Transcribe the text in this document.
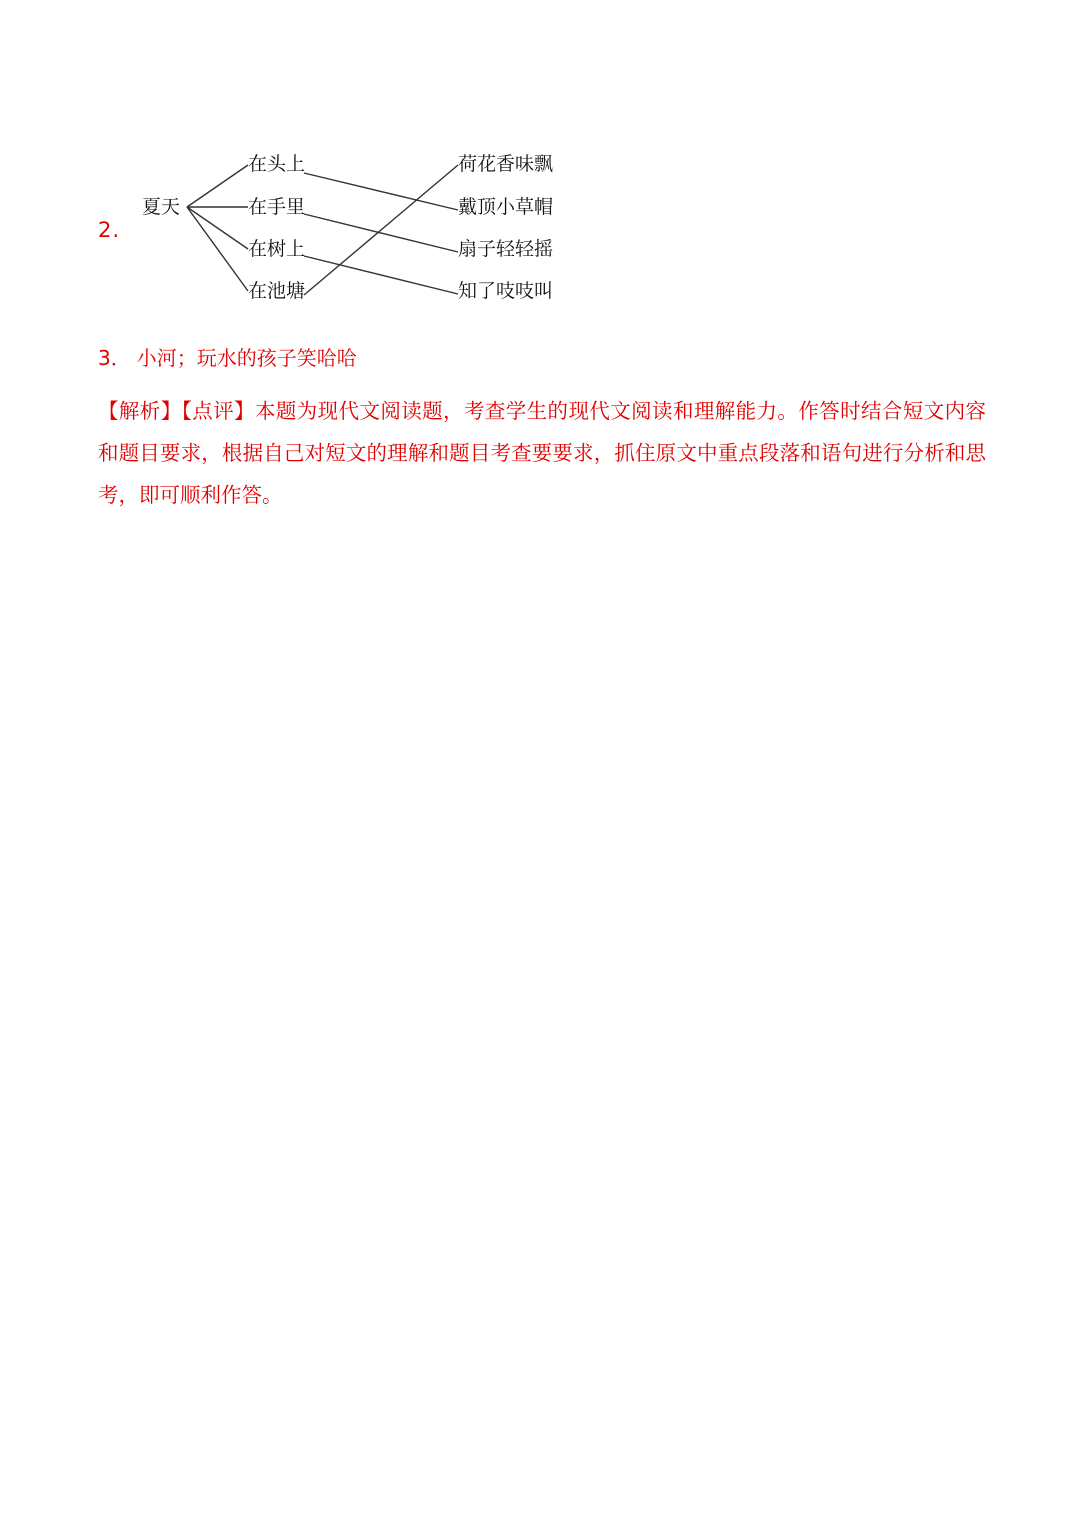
2.
夏天
在头上
在手里
在树上
在池塘
荷花香味飘
戴顶小草帽
扇子轻轻摇
知了吱吱叫
3． 小河；玩水的孩子笑哈哈
【解析】【点评】本题为现代文阅读题，考查学生的现代文阅读和理解能力。作答时结合短文内容和题目要求，根据自己对短文的理解和题目考查要要求，抓住原文中重点段落和语句进行分析和思考，即可顺利作答。
